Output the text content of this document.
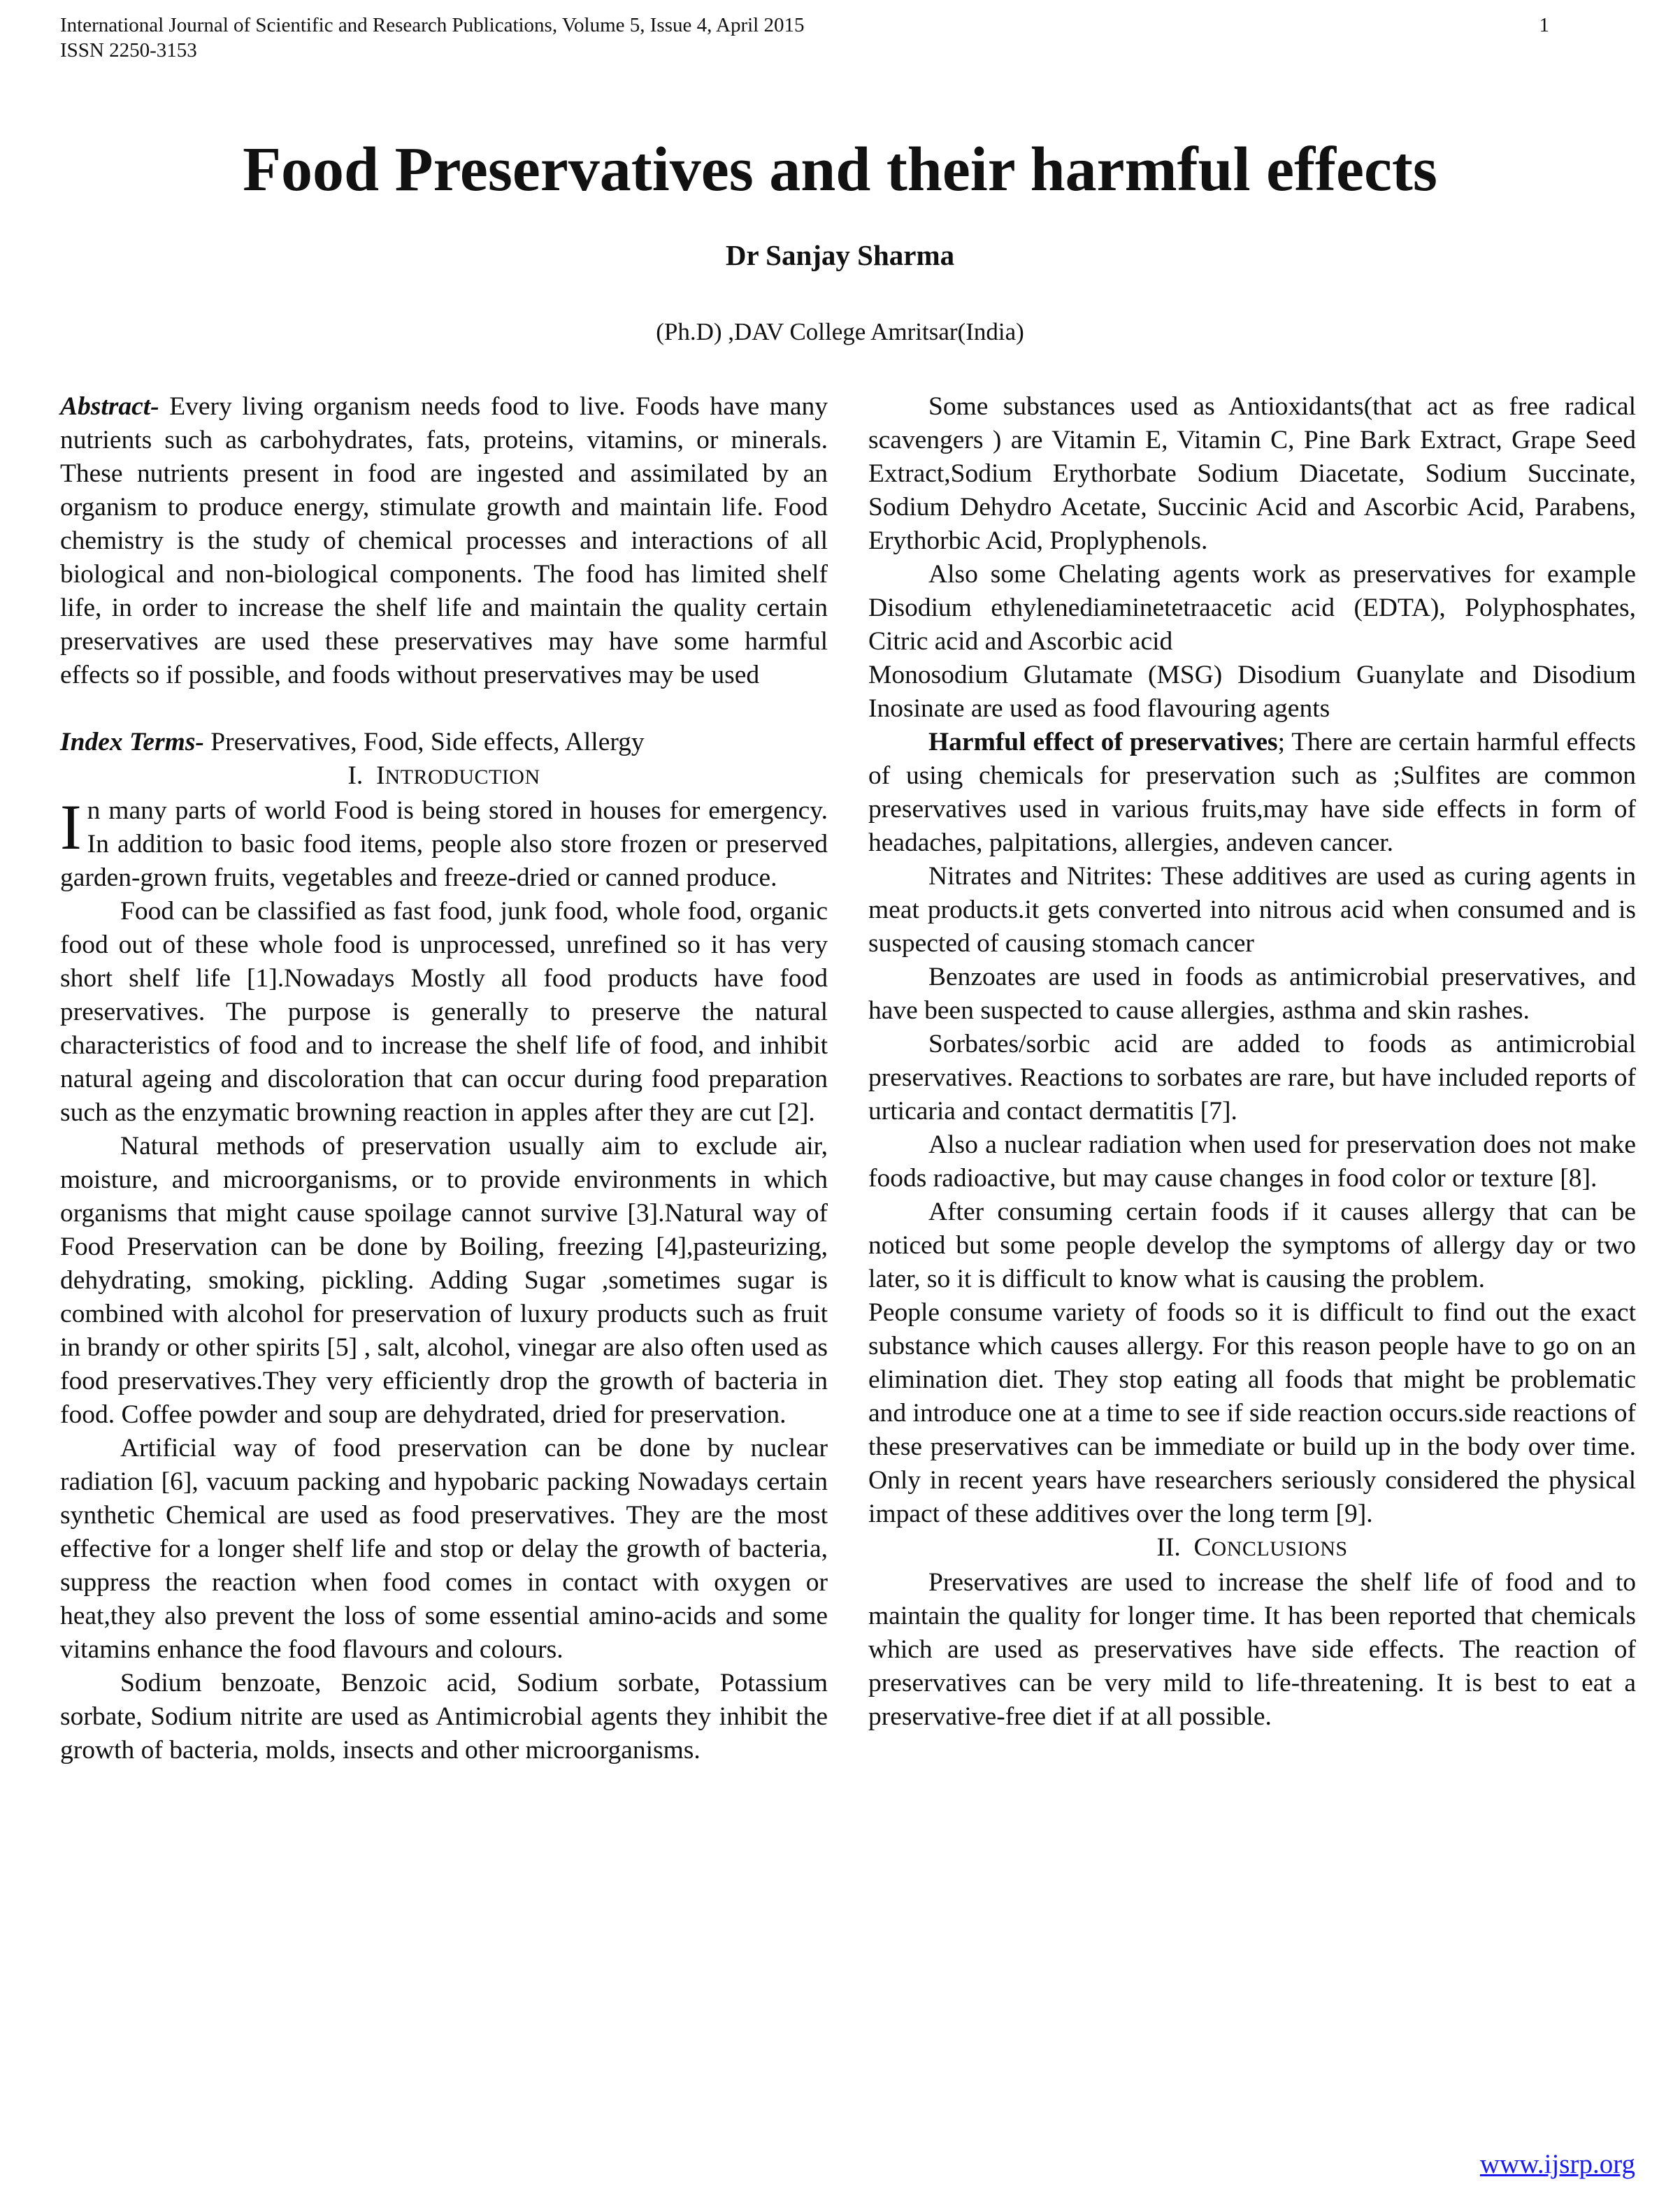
International Journal of Scientific and Research Publications, Volume 5, Issue 4, April 2015
ISSN 2250-3153
1
Food Preservatives and their harmful effects
Dr Sanjay Sharma
(Ph.D) ,DAV College Amritsar(India)

Abstract- Every living organism needs food to live. Foods have many nutrients such as carbohydrates, fats, proteins, vitamins, or minerals. These nutrients present in food are ingested and assimilated by an organism to produce energy, stimulate growth and maintain life. Food chemistry is the study of chemical processes and interactions of all biological and non-biological components. The food has limited shelf life, in order to increase the shelf life and maintain the quality certain preservatives are used these preservatives may have some harmful effects so if possible, and foods without preservatives may be used

Index Terms- Preservatives, Food, Side effects, Allergy

I. INTRODUCTION

In many parts of world Food is being stored in houses for emergency. In addition to basic food items, people also store frozen or preserved garden-grown fruits, vegetables and freeze-dried or canned produce.

Food can be classified as fast food, junk food, whole food, organic food out of these whole food is unprocessed, unrefined so it has very short shelf life [1].Nowadays Mostly all food products have food preservatives. The purpose is generally to preserve the natural characteristics of food and to increase the shelf life of food, and inhibit natural ageing and discoloration that can occur during food preparation such as the enzymatic browning reaction in apples after they are cut [2].

Natural methods of preservation usually aim to exclude air, moisture, and microorganisms, or to provide environments in which organisms that might cause spoilage cannot survive [3].Natural way of Food Preservation can be done by Boiling, freezing [4],pasteurizing, dehydrating, smoking, pickling. Adding Sugar ,sometimes sugar is combined with alcohol for preservation of luxury products such as fruit in brandy or other spirits [5] , salt, alcohol, vinegar are also often used as food preservatives.They very efficiently drop the growth of bacteria in food. Coffee powder and soup are dehydrated, dried for preservation.

Artificial way of food preservation can be done by nuclear radiation [6], vacuum packing and hypobaric packing Nowadays certain synthetic Chemical are used as food preservatives. They are the most effective for a longer shelf life and stop or delay the growth of bacteria, suppress the reaction when food comes in contact with oxygen or heat,they also prevent the loss of some essential amino-acids and some vitamins enhance the food flavours and colours.

Sodium benzoate, Benzoic acid, Sodium sorbate, Potassium sorbate, Sodium nitrite are used as Antimicrobial agents they inhibit the growth of bacteria, molds, insects and other microorganisms.

Some substances used as Antioxidants(that act as free radical scavengers ) are Vitamin E, Vitamin C, Pine Bark Extract, Grape Seed Extract,Sodium Erythorbate Sodium Diacetate, Sodium Succinate, Sodium Dehydro Acetate, Succinic Acid and Ascorbic Acid, Parabens, Erythorbic Acid, Proplyphenols.

Also some Chelating agents work as preservatives for example Disodium ethylenediaminetetraacetic acid (EDTA), Polyphosphates, Citric acid and Ascorbic acid

Monosodium Glutamate (MSG) Disodium Guanylate and Disodium Inosinate are used as food flavouring agents

Harmful effect of preservatives; There are certain harmful effects of using chemicals for preservation such as ;Sulfites are common preservatives used in various fruits,may have side effects in form of headaches, palpitations, allergies, andeven cancer.

Nitrates and Nitrites: These additives are used as curing agents in meat products.it gets converted into nitrous acid when consumed and is suspected of causing stomach cancer

Benzoates are used in foods as antimicrobial preservatives, and have been suspected to cause allergies, asthma and skin rashes.

Sorbates/sorbic acid are added to foods as antimicrobial preservatives. Reactions to sorbates are rare, but have included reports of urticaria and contact dermatitis [7].

Also a nuclear radiation when used for preservation does not make foods radioactive, but may cause changes in food color or texture [8].

After consuming certain foods if it causes allergy that can be noticed but some people develop the symptoms of allergy day or two later, so it is difficult to know what is causing the problem.

People consume variety of foods so it is difficult to find out the exact substance which causes allergy. For this reason people have to go on an elimination diet. They stop eating all foods that might be problematic and introduce one at a time to see if side reaction occurs.side reactions of these preservatives can be immediate or build up in the body over time. Only in recent years have researchers seriously considered the physical impact of these additives over the long term [9].

II. CONCLUSIONS

Preservatives are used to increase the shelf life of food and to maintain the quality for longer time. It has been reported that chemicals which are used as preservatives have side effects. The reaction of preservatives can be very mild to life-threatening. It is best to eat a preservative-free diet if at all possible.

www.ijsrp.org
